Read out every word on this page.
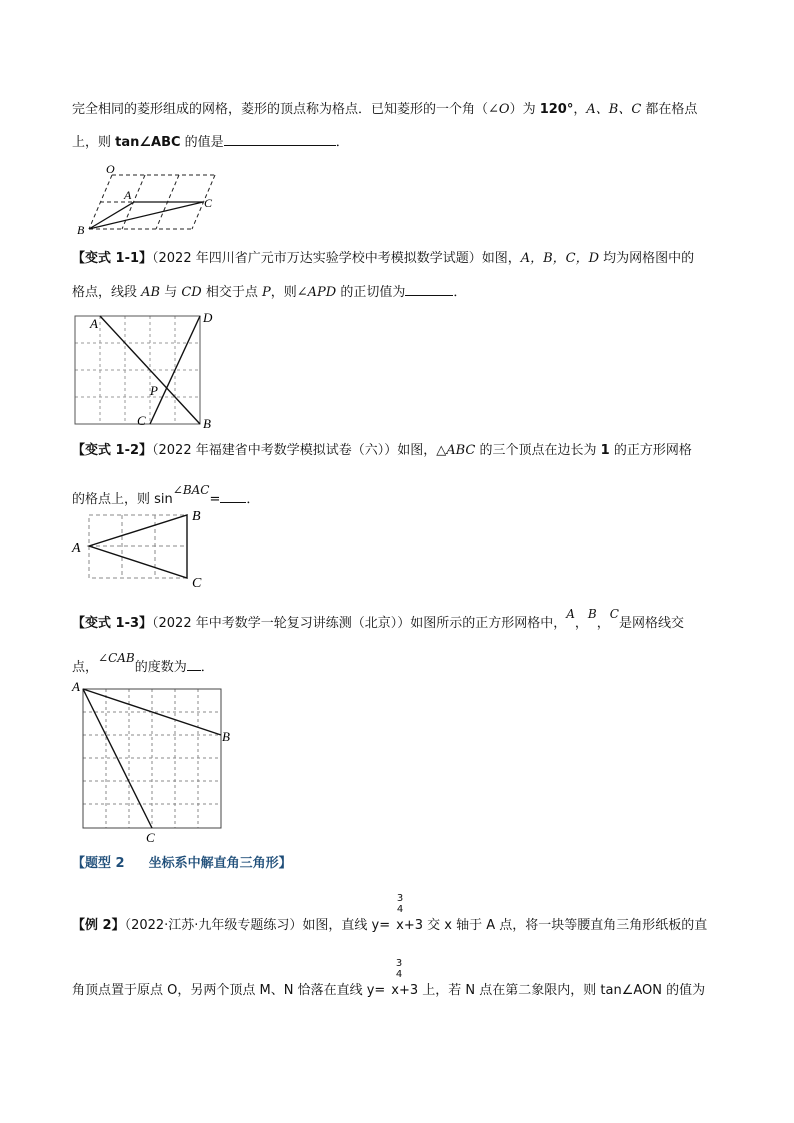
完全相同的菱形组成的网格，菱形的顶点称为格点．已知菱形的一个角（∠O）为 120°，A、B、C 都在格点
上，则 tan∠ABC 的值是	．
O
A
B
C
【变式 1-1】（2022 年四川省广元市万达实验学校中考模拟数学试题）如图，A，B，C，D 均为网格图中的
格点，线段 AB 与 CD 相交于点 P，则∠APD 的正切值为	．
A
B
C
D
P
【变式 1-2】（2022 年福建省中考数学模拟试卷（六））如图，△ABC 的三个顶点在边长为 1 的正方形网格
的格点上，则 sin∠BAC= ．
A
B
C
【变式 1-3】（2022 年中考数学一轮复习讲练测（北京））如图所示的正方形网格中，A，B，C是网格线交
点，∠CAB的度数为 ．
A
B
C
【题型 2 坐标系中解直角三角形】
3
4
【例 2】（2022·江苏·九年级专题练习）如图，直线 y= x+3 交 x 轴于 A 点，将一块等腰直角三角形纸板的直
3
4
角顶点置于原点 O，另两个顶点 M、N 恰落在直线 y= x+3 上，若 N 点在第二象限内，则 tan∠AON 的值为
